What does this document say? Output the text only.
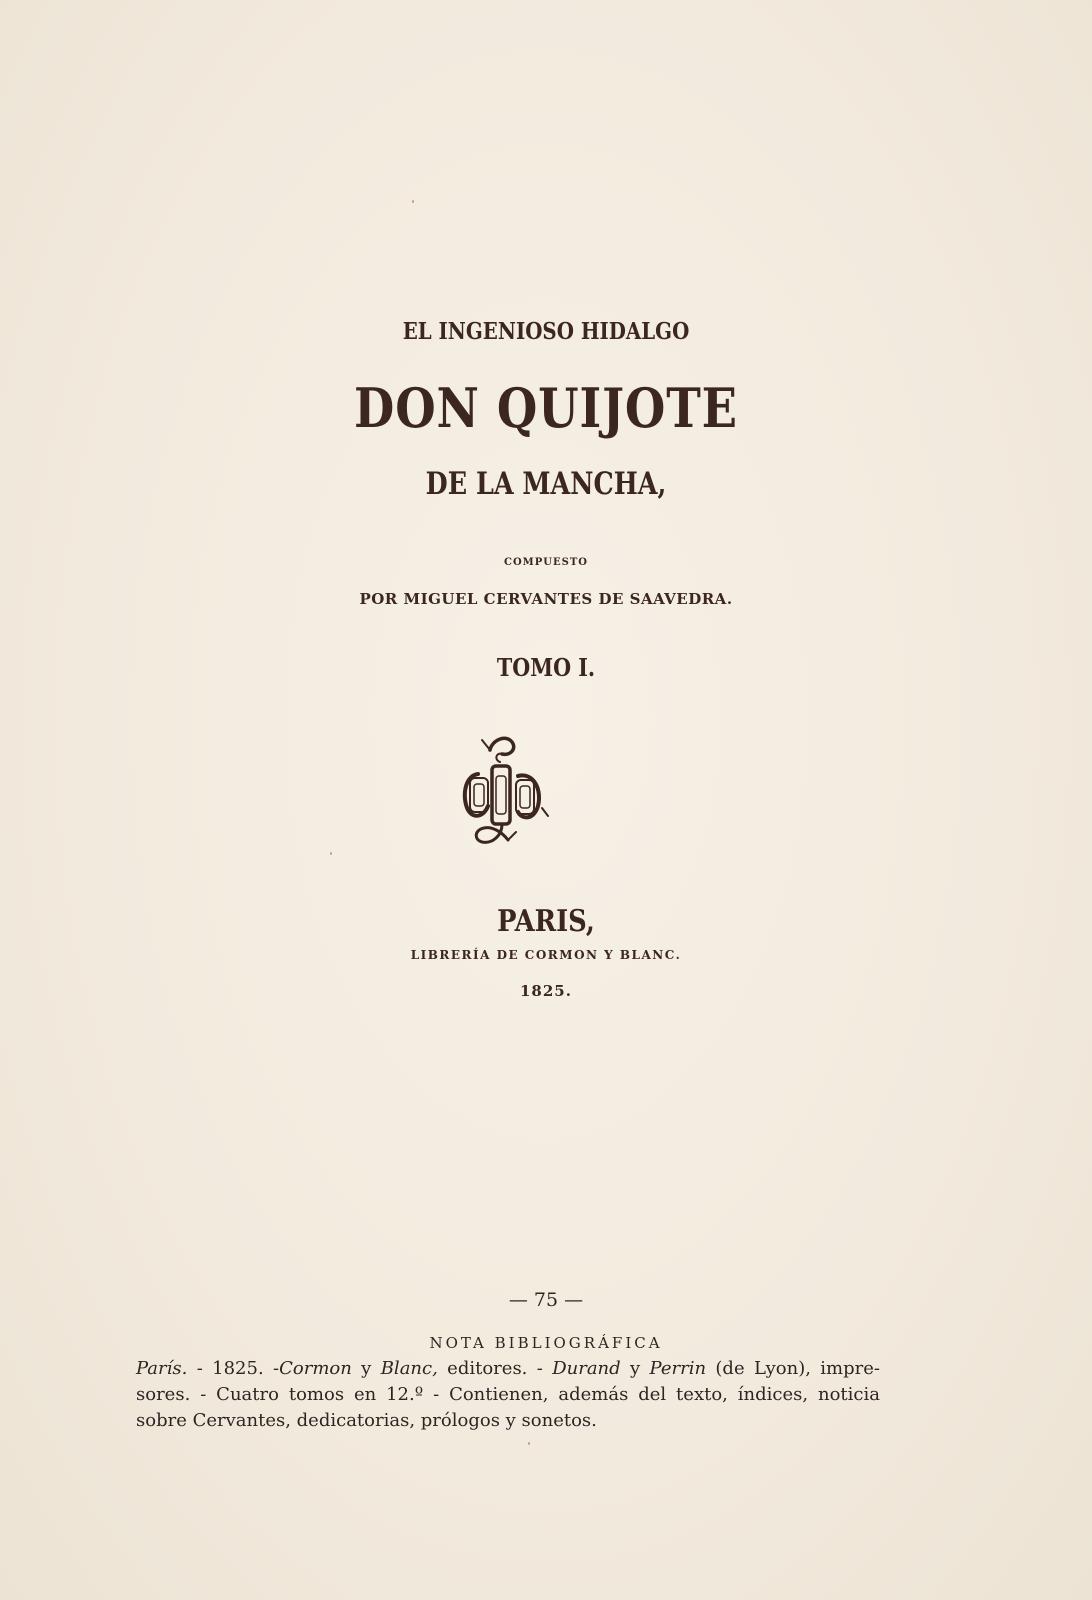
EL INGENIOSO HIDALGO
DON QUIJOTE
DE LA MANCHA,
COMPUESTO
POR MIGUEL CERVANTES DE SAAVEDRA.
TOMO I.
PARIS,
LIBRERÍA DE CORMON Y BLANC.
1825.
— 75 —
NOTA BIBLIOGRÁFICA
París. - 1825. -Cormon y Blanc, editores. - Durand y Perrin (de Lyon), impre-
sores. - Cuatro tomos en 12.º - Contienen, además del texto, índices, noticia
sobre Cervantes, dedicatorias, prólogos y sonetos.
